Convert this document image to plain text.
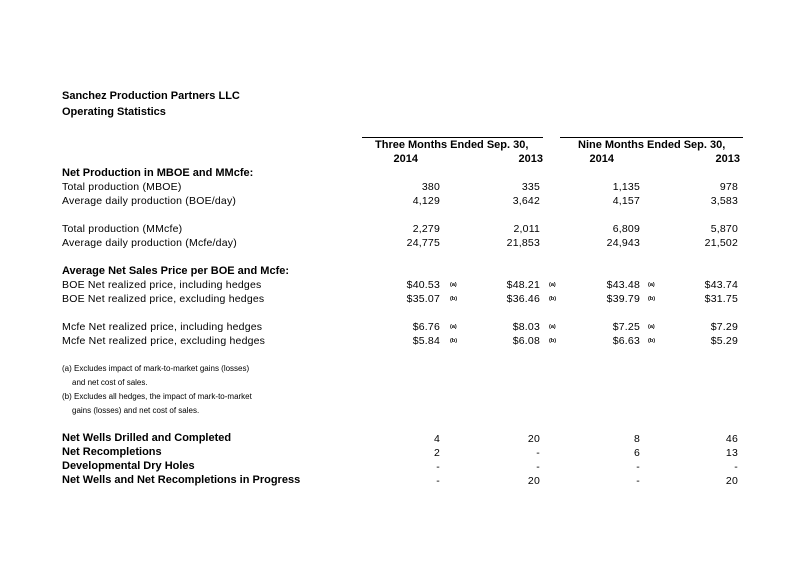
Sanchez Production Partners LLC
Operating Statistics
Three Months Ended Sep. 30,	Nine Months Ended Sep. 30,
2014	2013	2014	2013
Net Production in MBOE and MMcfe:
Total production (MBOE)	380	335	1,135	978
Average daily production (BOE/day)	4,129	3,642	4,157	3,583
Total production (MMcfe)	2,279	2,011	6,809	5,870
Average daily production (Mcfe/day)	24,775	21,853	24,943	21,502
Average Net Sales Price per BOE and Mcfe:
BOE Net realized price, including hedges	$40.53 (a)	$48.21 (a)	$43.48 (a)	$43.74
BOE Net realized price, excluding hedges	$35.07 (b)	$36.46 (b)	$39.79 (b)	$31.75
Mcfe Net realized price, including hedges	$6.76 (a)	$8.03 (a)	$7.25 (a)	$7.29
Mcfe Net realized price, excluding hedges	$5.84 (b)	$6.08 (b)	$6.63 (b)	$5.29
(a) Excludes impact of mark-to-market gains (losses)
and net cost of sales.
(b) Excludes all hedges, the impact of mark-to-market
gains (losses) and net cost of sales.
Net Wells Drilled and Completed	4	20	8	46
Net Recompletions	2	-	6	13
Developmental Dry Holes	-	-	-	-
Net Wells and Net Recompletions in Progress	-	20	-	20
